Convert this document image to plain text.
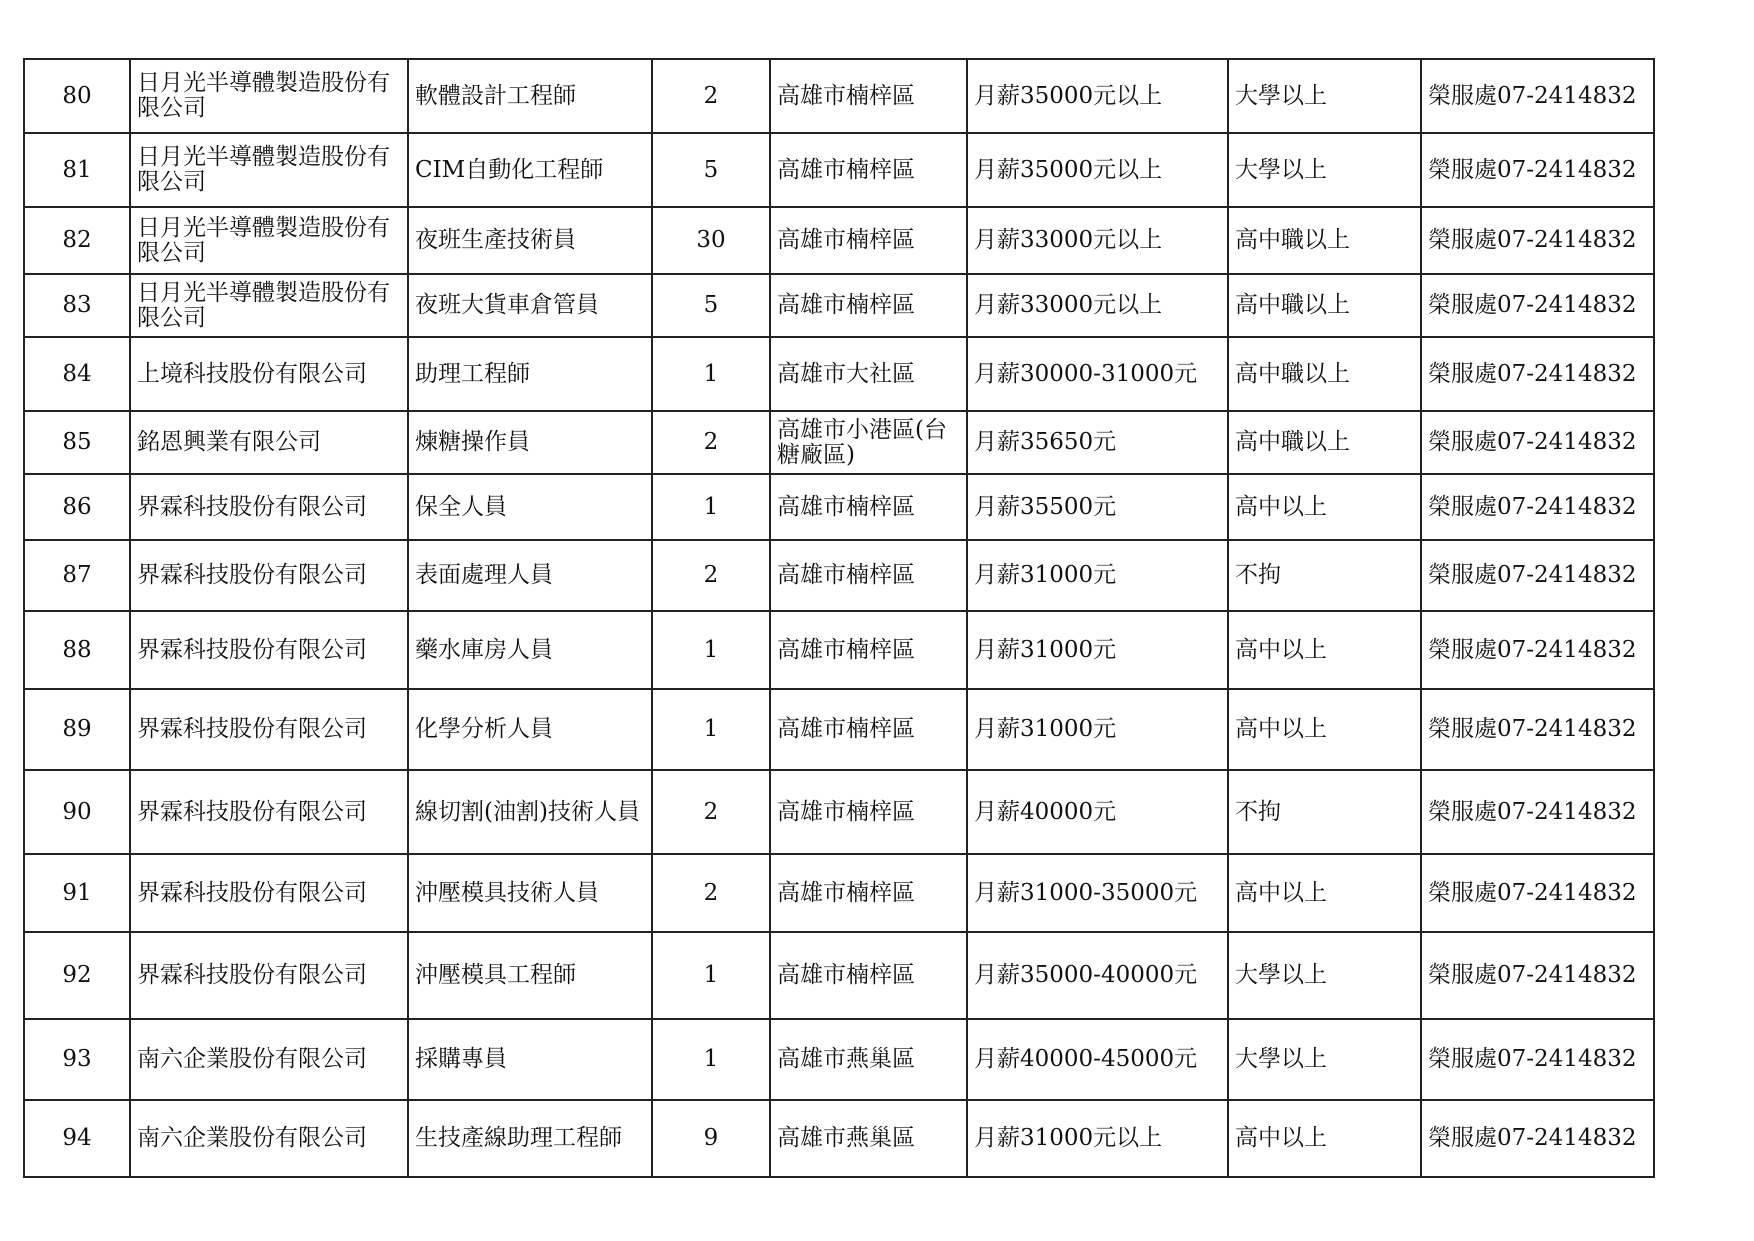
80	日月光半導體製造股份有限公司	軟體設計工程師	2	高雄市楠梓區	月薪35000元以上	大學以上	榮服處07-2414832
81	日月光半導體製造股份有限公司	CIM自動化工程師	5	高雄市楠梓區	月薪35000元以上	大學以上	榮服處07-2414832
82	日月光半導體製造股份有限公司	夜班生產技術員	30	高雄市楠梓區	月薪33000元以上	高中職以上	榮服處07-2414832
83	日月光半導體製造股份有限公司	夜班大貨車倉管員	5	高雄市楠梓區	月薪33000元以上	高中職以上	榮服處07-2414832
84	上境科技股份有限公司	助理工程師	1	高雄市大社區	月薪30000-31000元	高中職以上	榮服處07-2414832
85	銘恩興業有限公司	煉糖操作員	2	高雄市小港區(台糖廠區)	月薪35650元	高中職以上	榮服處07-2414832
86	界霖科技股份有限公司	保全人員	1	高雄市楠梓區	月薪35500元	高中以上	榮服處07-2414832
87	界霖科技股份有限公司	表面處理人員	2	高雄市楠梓區	月薪31000元	不拘	榮服處07-2414832
88	界霖科技股份有限公司	藥水庫房人員	1	高雄市楠梓區	月薪31000元	高中以上	榮服處07-2414832
89	界霖科技股份有限公司	化學分析人員	1	高雄市楠梓區	月薪31000元	高中以上	榮服處07-2414832
90	界霖科技股份有限公司	線切割(油割)技術人員	2	高雄市楠梓區	月薪40000元	不拘	榮服處07-2414832
91	界霖科技股份有限公司	沖壓模具技術人員	2	高雄市楠梓區	月薪31000-35000元	高中以上	榮服處07-2414832
92	界霖科技股份有限公司	沖壓模具工程師	1	高雄市楠梓區	月薪35000-40000元	大學以上	榮服處07-2414832
93	南六企業股份有限公司	採購專員	1	高雄市燕巢區	月薪40000-45000元	大學以上	榮服處07-2414832
94	南六企業股份有限公司	生技產線助理工程師	9	高雄市燕巢區	月薪31000元以上	高中以上	榮服處07-2414832
